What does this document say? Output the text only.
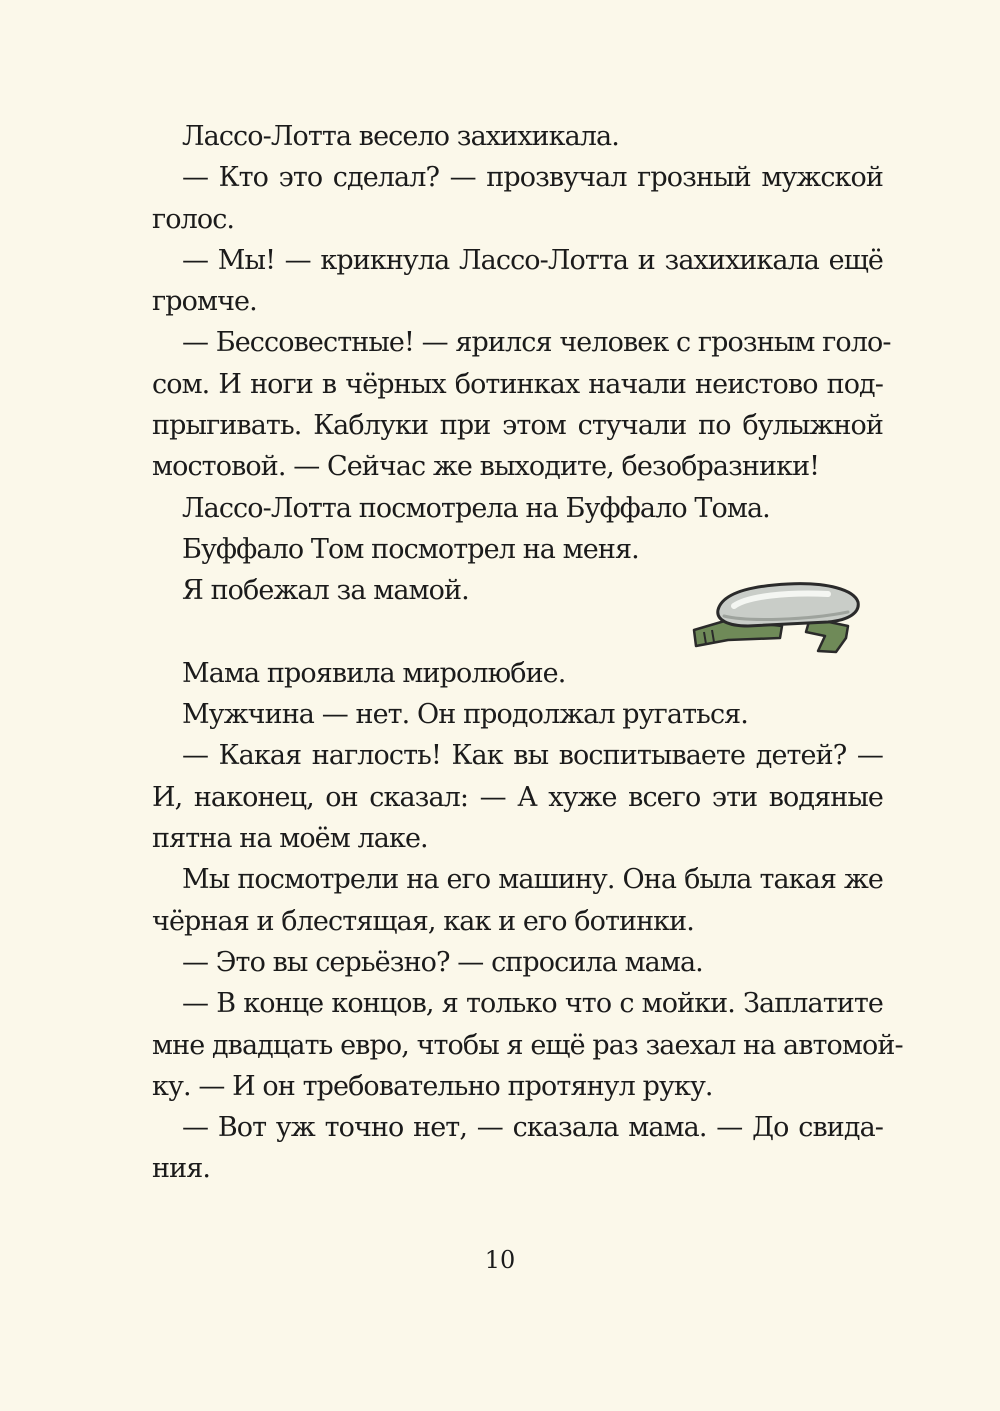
Лассо-Лотта весело захихикала.
— Кто это сделал? — прозвучал грозный мужской
голос.
— Мы! — крикнула Лассо-Лотта и захихикала ещё
громче.
— Бессовестные! — ярился человек с грозным голо-
сом. И ноги в чёрных ботинках начали неистово под-
прыгивать. Каблуки при этом стучали по булыжной
мостовой. — Сейчас же выходите, безобразники!
Лассо-Лотта посмотрела на Буффало Тома.
Буффало Том посмотрел на меня.
Я побежал за мамой.
Мама проявила миролюбие.
Мужчина — нет. Он продолжал ругаться.
— Какая наглость! Как вы воспитываете детей? —
И, наконец, он сказал: — А хуже всего эти водяные
пятна на моём лаке.
Мы посмотрели на его машину. Она была такая же
чёрная и блестящая, как и его ботинки.
— Это вы серьёзно? — спросила мама.
— В конце концов, я только что с мойки. Заплатите
мне двадцать евро, чтобы я ещё раз заехал на автомой-
ку. — И он требовательно протянул руку.
— Вот уж точно нет, — сказала мама. — До свида-
ния.
10
